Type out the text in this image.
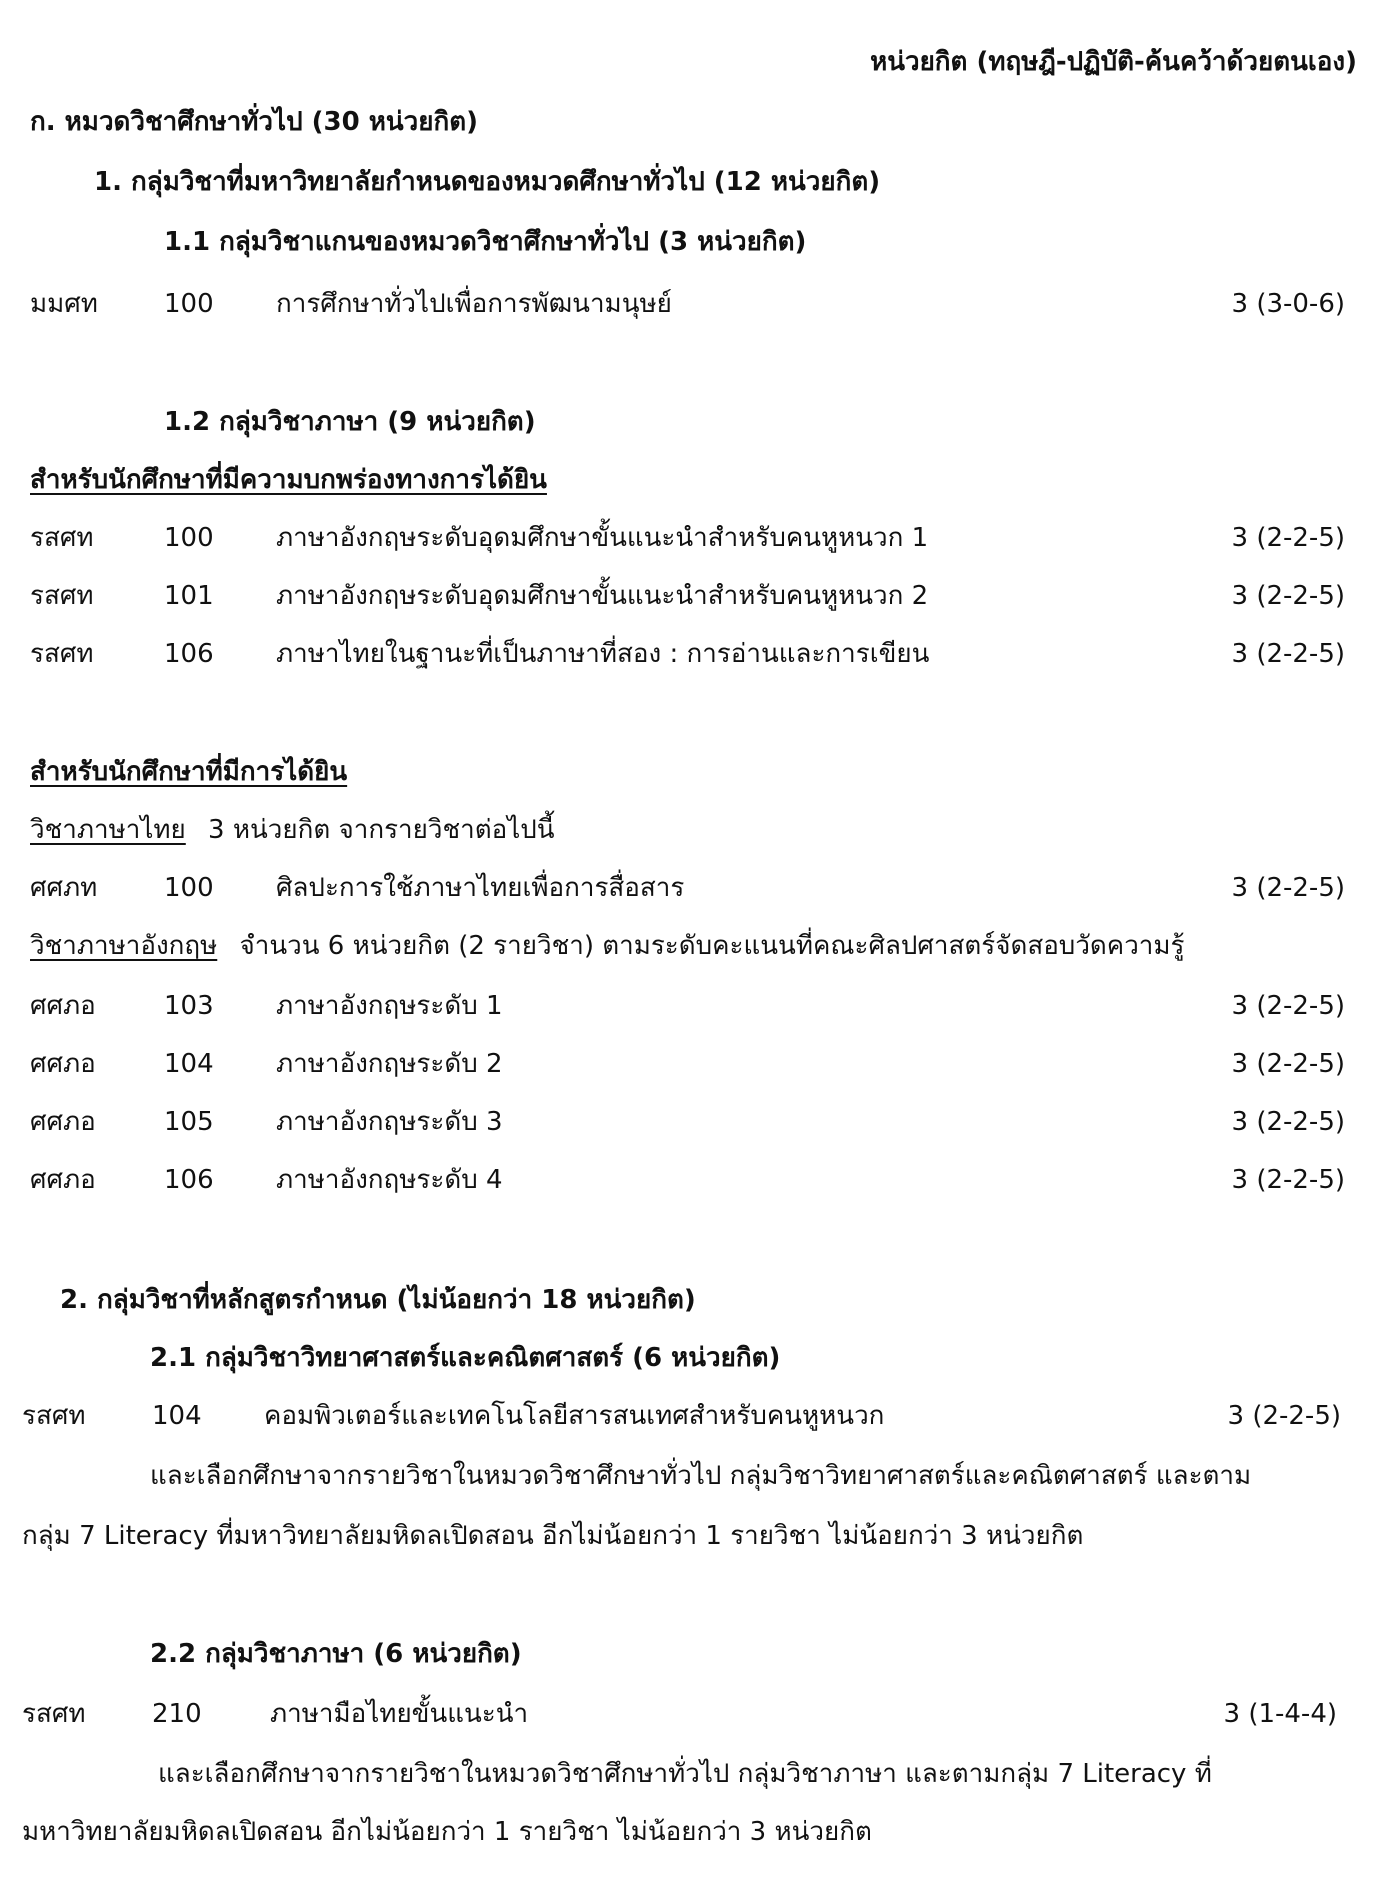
หน่วยกิต (ทฤษฎี-ปฏิบัติ-ค้นคว้าด้วยตนเอง)
ก. หมวดวิชาศึกษาทั่วไป (30 หน่วยกิต)
1. กลุ่มวิชาที่มหาวิทยาลัยกำหนดของหมวดศึกษาทั่วไป (12 หน่วยกิต)
1.1 กลุ่มวิชาแกนของหมวดวิชาศึกษาทั่วไป (3 หน่วยกิต)
มมศท	100 การศึกษาทั่วไปเพื่อการพัฒนามนุษย์	3 (3-0-6)
1.2 กลุ่มวิชาภาษา (9 หน่วยกิต)
สำหรับนักศึกษาที่มีความบกพร่องทางการได้ยิน
รสศท	100 ภาษาอังกฤษระดับอุดมศึกษาขั้นแนะนำสำหรับคนหูหนวก 1	3 (2-2-5)
รสศท	101 ภาษาอังกฤษระดับอุดมศึกษาขั้นแนะนำสำหรับคนหูหนวก 2	3 (2-2-5)
รสศท	106 ภาษาไทยในฐานะที่เป็นภาษาที่สอง : การอ่านและการเขียน	3 (2-2-5)
สำหรับนักศึกษาที่มีการได้ยิน
วิชาภาษาไทย 3 หน่วยกิต จากรายวิชาต่อไปนี้
ศศภท	100 ศิลปะการใช้ภาษาไทยเพื่อการสื่อสาร	3 (2-2-5)
วิชาภาษาอังกฤษ จำนวน 6 หน่วยกิต (2 รายวิชา) ตามระดับคะแนนที่คณะศิลปศาสตร์จัดสอบวัดความรู้
ศศภอ	103 ภาษาอังกฤษระดับ 1	3 (2-2-5)
ศศภอ	104 ภาษาอังกฤษระดับ 2	3 (2-2-5)
ศศภอ	105 ภาษาอังกฤษระดับ 3	3 (2-2-5)
ศศภอ	106 ภาษาอังกฤษระดับ 4	3 (2-2-5)
2. กลุ่มวิชาที่หลักสูตรกำหนด (ไม่น้อยกว่า 18 หน่วยกิต)
2.1 กลุ่มวิชาวิทยาศาสตร์และคณิตศาสตร์ (6 หน่วยกิต)
รสศท	104 คอมพิวเตอร์และเทคโนโลยีสารสนเทศสำหรับคนหูหนวก	3 (2-2-5)
และเลือกศึกษาจากรายวิชาในหมวดวิชาศึกษาทั่วไป กลุ่มวิชาวิทยาศาสตร์และคณิตศาสตร์ และตาม
กลุ่ม 7 Literacy ที่มหาวิทยาลัยมหิดลเปิดสอน อีกไม่น้อยกว่า 1 รายวิชา ไม่น้อยกว่า 3 หน่วยกิต
2.2 กลุ่มวิชาภาษา (6 หน่วยกิต)
รสศท	210	ภาษามือไทยขั้นแนะนำ	3 (1-4-4)
และเลือกศึกษาจากรายวิชาในหมวดวิชาศึกษาทั่วไป กลุ่มวิชาภาษา และตามกลุ่ม 7 Literacy ที่
มหาวิทยาลัยมหิดลเปิดสอน อีกไม่น้อยกว่า 1 รายวิชา ไม่น้อยกว่า 3 หน่วยกิต
